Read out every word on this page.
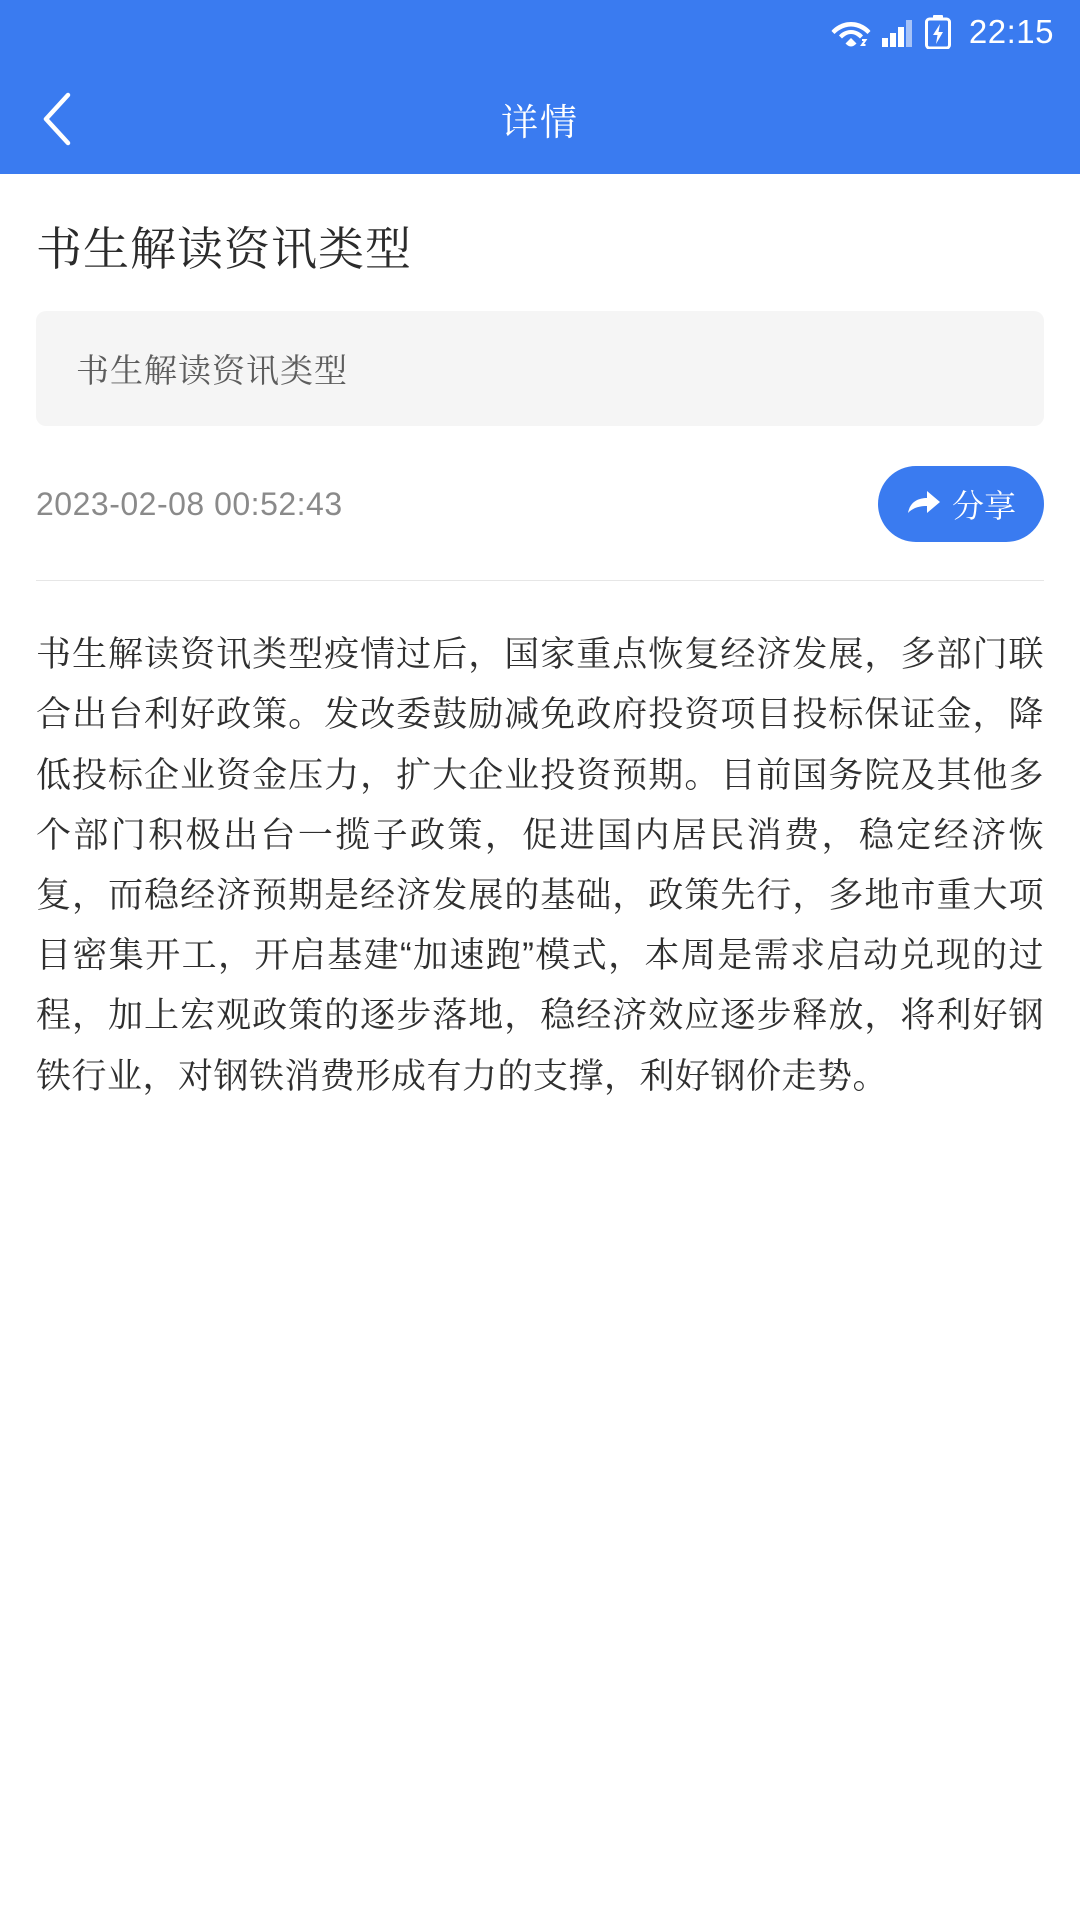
22:15
详情
书生解读资讯类型
书生解读资讯类型
2023-02-08 00:52:43	分享
书生解读资讯类型疫情过后，国家重点恢复经济发展，多部门联合出台利好政策。发改委鼓励减免政府投资项目投标保证金，降低投标企业资金压力，扩大企业投资预期。目前国务院及其他多个部门积极出台一揽子政策，促进国内居民消费，稳定经济恢复，而稳经济预期是经济发展的基础，政策先行，多地市重大项目密集开工，开启基建“加速跑”模式，本周是需求启动兑现的过程，加上宏观政策的逐步落地，稳经济效应逐步释放，将利好钢铁行业，对钢铁消费形成有力的支撑，利好钢价走势。
